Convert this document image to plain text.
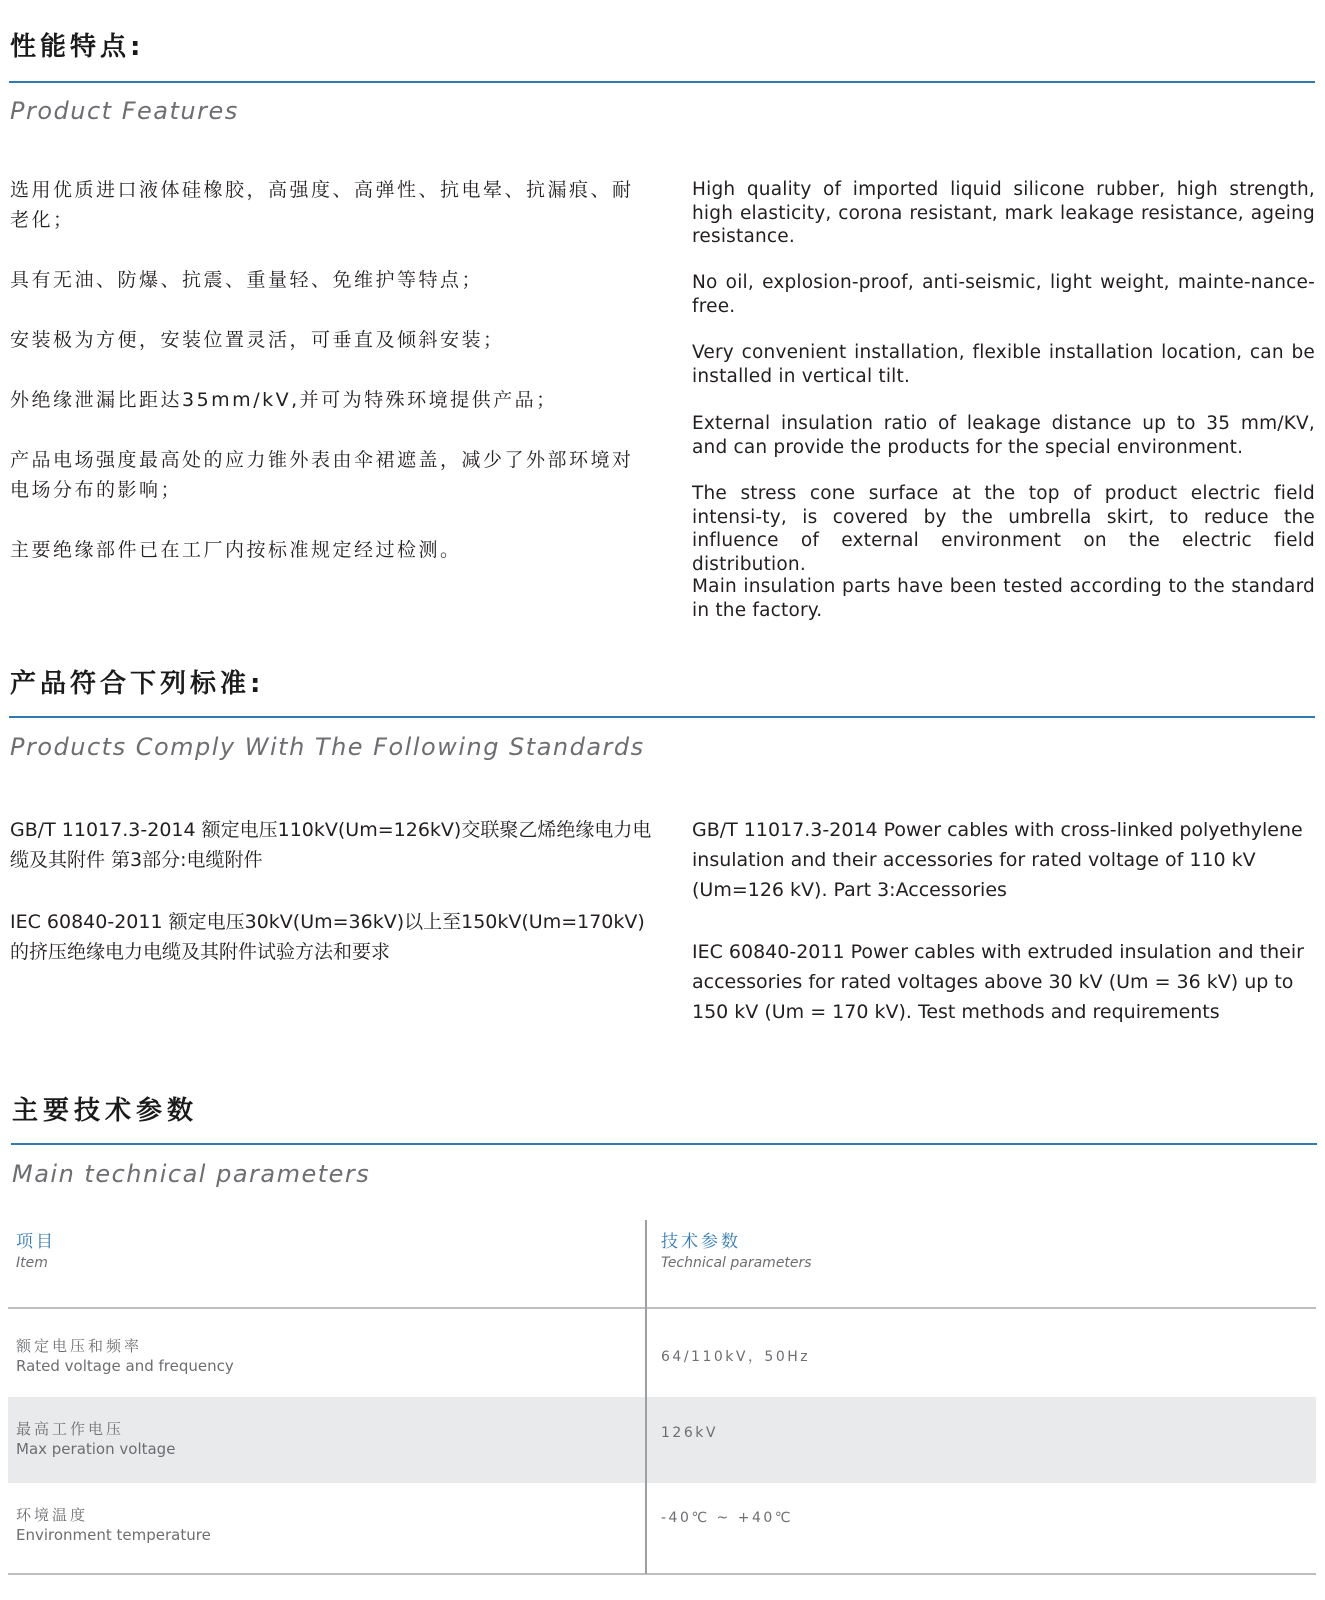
性能特点:
Product Features

选用优质进口液体硅橡胶，高强度、高弹性、抗电晕、抗漏痕、耐老化；

具有无油、防爆、抗震、重量轻、免维护等特点；

安装极为方便，安装位置灵活，可垂直及倾斜安装；

外绝缘泄漏比距达35mm/kV,并可为特殊环境提供产品；

产品电场强度最高处的应力锥外表由伞裙遮盖，减少了外部环境对电场分布的影响；

主要绝缘部件已在工厂内按标准规定经过检测。

High quality of imported liquid silicone rubber, high strength, high elasticity, corona resistant, mark leakage resistance, ageing resistance.

No oil, explosion-proof, anti-seismic, light weight, mainte-nance-free.

Very convenient installation, flexible installation location, can be installed in vertical tilt.

External insulation ratio of leakage distance up to 35 mm/KV, and can provide the products for the special environment.

The stress cone surface at the top of product electric field intensi-ty, is covered by the umbrella skirt, to reduce the influence of external environment on the electric field distribution.

Main insulation parts have been tested according to the standard in the factory.

产品符合下列标准:
Products Comply With The Following Standards

GB/T 11017.3-2014 额定电压110kV(Um=126kV)交联聚乙烯绝缘电力电缆及其附件 第3部分:电缆附件

IEC 60840-2011 额定电压30kV(Um=36kV)以上至150kV(Um=170kV)的挤压绝缘电力电缆及其附件试验方法和要求

GB/T 11017.3-2014 Power cables with cross-linked polyethylene insulation and their accessories for rated voltage of 110 kV (Um=126 kV). Part 3:Accessories

IEC 60840-2011 Power cables with extruded insulation and their accessories for rated voltages above 30 kV (Um = 36 kV) up to 150 kV (Um = 170 kV). Test methods and requirements

主要技术参数
Main technical parameters
项目
Item
技术参数
Technical parameters
额定电压和频率
Rated voltage and frequency	64/110kV，50Hz
最高工作电压
Max peration voltage
126kV
环境温度
Environment temperature
-40℃ ~ +40℃
